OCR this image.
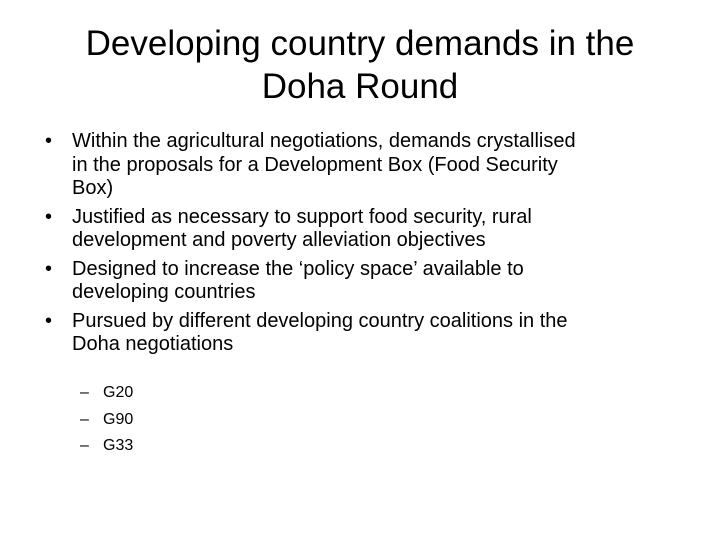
Developing country demands in the
Doha Round
• Within the agricultural negotiations, demands crystallised
in the proposals for a Development Box (Food Security
Box)
• Justified as necessary to support food security, rural
development and poverty alleviation objectives
• Designed to increase the ‘policy space’ available to
developing countries
• Pursued by different developing country coalitions in the
Doha negotiations
– G20
– G90
– G33
